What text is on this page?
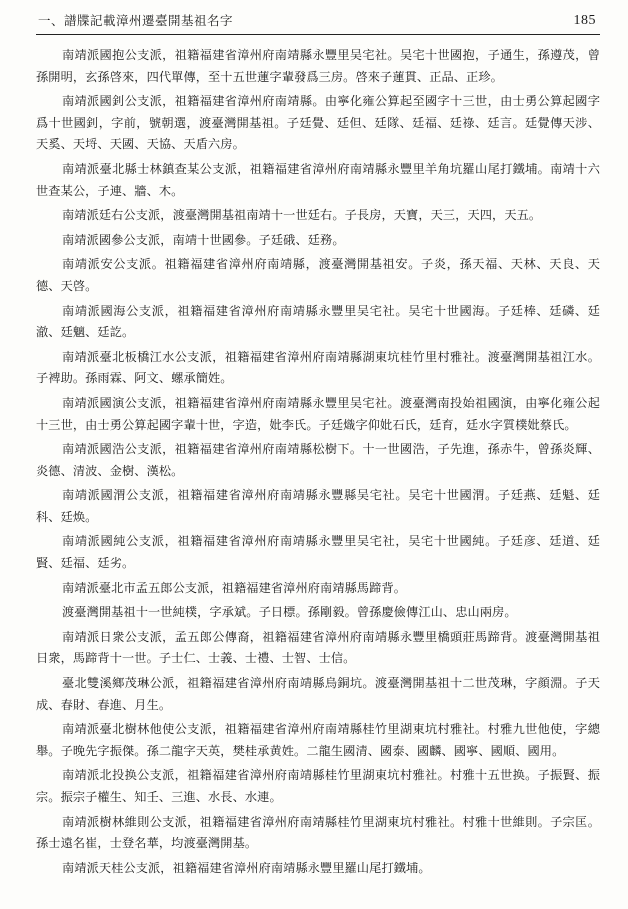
一、譜牒記載漳州遷臺開基祖名字	185

南靖派國抱公支派，祖籍福建省漳州府南靖縣永豐里吴宅社。吴宅十世國抱，子通生，孫遵茂，曾孫開明，玄孫啓來，四代單傳，至十五世蓮字輩發爲三房。啓來子蓮貫、正品、正珍。

南靖派國釗公支派，祖籍福建省漳州府南靖縣。由寧化雍公算起至國字十三世，由士勇公算起國字爲十世國釗，字前，號朝選，渡臺灣開基祖。子廷覺、廷但、廷隊、廷福、廷祿、廷言。廷覺傳天涉、天奚、天埒、天國、天協、天盾六房。

南靖派臺北縣士林鎮查某公支派，祖籍福建省漳州府南靖縣永豐里羊角坑羅山尾打鐵埔。南靖十六世查某公，子連、牆、木。

南靖派廷右公支派，渡臺灣開基祖南靖十一世廷右。子長房，天寶，天三，天四，天五。

南靖派國參公支派，南靖十世國參。子廷硪、廷務。

南靖派安公支派。祖籍福建省漳州府南靖縣，渡臺灣開基祖安。子炎，孫天福、天林、天良、天德、天啓。

南靖派國海公支派，祖籍福建省漳州府南靖縣永豐里吴宅社。吴宅十世國海。子廷棒、廷磷、廷澈、廷魑、廷訖。

南靖派臺北板橋江水公支派，祖籍福建省漳州府南靖縣湖東坑桂竹里村雅社。渡臺灣開基祖江水。子裨助。孫雨霖、阿文、螺承簡姓。

南靖派國演公支派，祖籍福建省漳州府南靖縣永豐里吴宅社。渡臺灣南投始祖國演，由寧化雍公起十三世，由士勇公算起國字輩十世，字造，妣李氏。子廷熾字仰妣石氏，廷育，廷水字質樸妣蔡氏。

南靖派國浩公支派，祖籍福建省漳州府南靖縣松樹下。十一世國浩，子先進，孫赤牛，曾孫炎輝、炎德、清波、金樹、漢松。

南靖派國渭公支派，祖籍福建省漳州府南靖縣永豐縣吴宅社。吴宅十世國渭。子廷燕、廷魁、廷科、廷焕。

南靖派國純公支派，祖籍福建省漳州府南靖縣永豐里吴宅社，吴宅十世國純。子廷彦、廷道、廷賢、廷福、廷劣。

南靖派臺北市孟五郎公支派，祖籍福建省漳州府南靖縣馬蹄背。

渡臺灣開基祖十一世純樸，字承斌。子日標。孫剛毅。曾孫慶儉傳江山、忠山兩房。

南靖派日衆公支派，孟五郎公傳裔，祖籍福建省漳州府南靖縣永豐里橋頭莊馬蹄背。渡臺灣開基祖日衆，馬蹄背十一世。子士仁、士義、士禮、士智、士信。

臺北雙溪鄉茂琳公派，祖籍福建省漳州府南靖縣烏銅坑。渡臺灣開基祖十二世茂琳，字顔淵。子天成、春財、春進、月生。

南靖派臺北樹林他使公支派，祖籍福建省漳州府南靖縣桂竹里湖東坑村雅社。村雅九世他使，字總舉。子晚先字振傑。孫二龍字天英，樊桂承黄姓。二龍生國清、國泰、國麟、國寧、國順、國用。

南靖派北投换公支派，祖籍福建省漳州府南靖縣桂竹里湖東坑村雅社。村雅十五世换。子振賢、振宗。振宗子權生、知壬、三進、水長、水連。

南靖派樹林維則公支派，祖籍福建省漳州府南靖縣桂竹里湖東坑村雅社。村雅十世維則。子宗匡。孫士遠名崔，士登名華，均渡臺灣開基。

南靖派天桂公支派，祖籍福建省漳州府南靖縣永豐里羅山尾打鐵埔。
